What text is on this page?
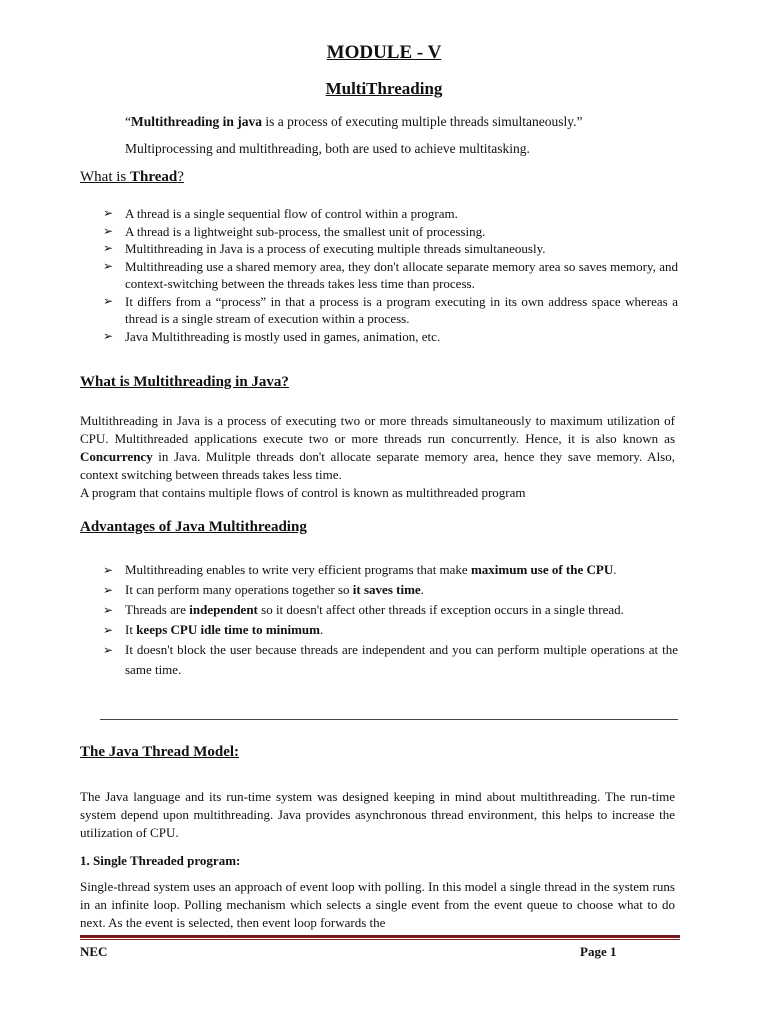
MODULE - V
MultiThreading
“Multithreading in java is a process of executing multiple threads simultaneously.”
Multiprocessing and multithreading, both are used to achieve multitasking.
What is Thread?
➢ A thread is a single sequential flow of control within a program.
➢ A thread is a lightweight sub-process, the smallest unit of processing.
➢ Multithreading in Java is a process of executing multiple threads simultaneously.
➢ Multithreading use a shared memory area, they don't allocate separate memory area so saves memory, and context-switching between the threads takes less time than process.
➢ It differs from a “process” in that a process is a program executing in its own address space whereas a thread is a single stream of execution within a process.
➢ Java Multithreading is mostly used in games, animation, etc.
What is Multithreading in Java?

Multithreading in Java is a process of executing two or more threads simultaneously to maximum utilization of CPU. Multithreaded applications execute two or more threads run concurrently. Hence, it is also known as Concurrency in Java. Mulitple threads don't allocate separate memory area, hence they save memory. Also, context switching between threads takes less time.
A program that contains multiple flows of control is known as multithreaded program

Advantages of Java Multithreading
➢ Multithreading enables to write very efficient programs that make maximum use of the CPU.
➢ It can perform many operations together so it saves time.
➢ Threads are independent so it doesn't affect other threads if exception occurs in a single thread.
➢ It keeps CPU idle time to minimum.
➢ It doesn't block the user because threads are independent and you can perform multiple operations at the same time.
The Java Thread Model:

The Java language and its run-time system was designed keeping in mind about multithreading. The run-time system depend upon multithreading. Java provides asynchronous thread environment, this helps to increase the utilization of CPU.

1. Single Threaded program:

Single-thread system uses an approach of event loop with polling. In this model a single thread in the system runs in an infinite loop. Polling mechanism which selects a single event from the event queue to choose what to do next. As the event is selected, then event loop forwards the

NEC	Page 1
